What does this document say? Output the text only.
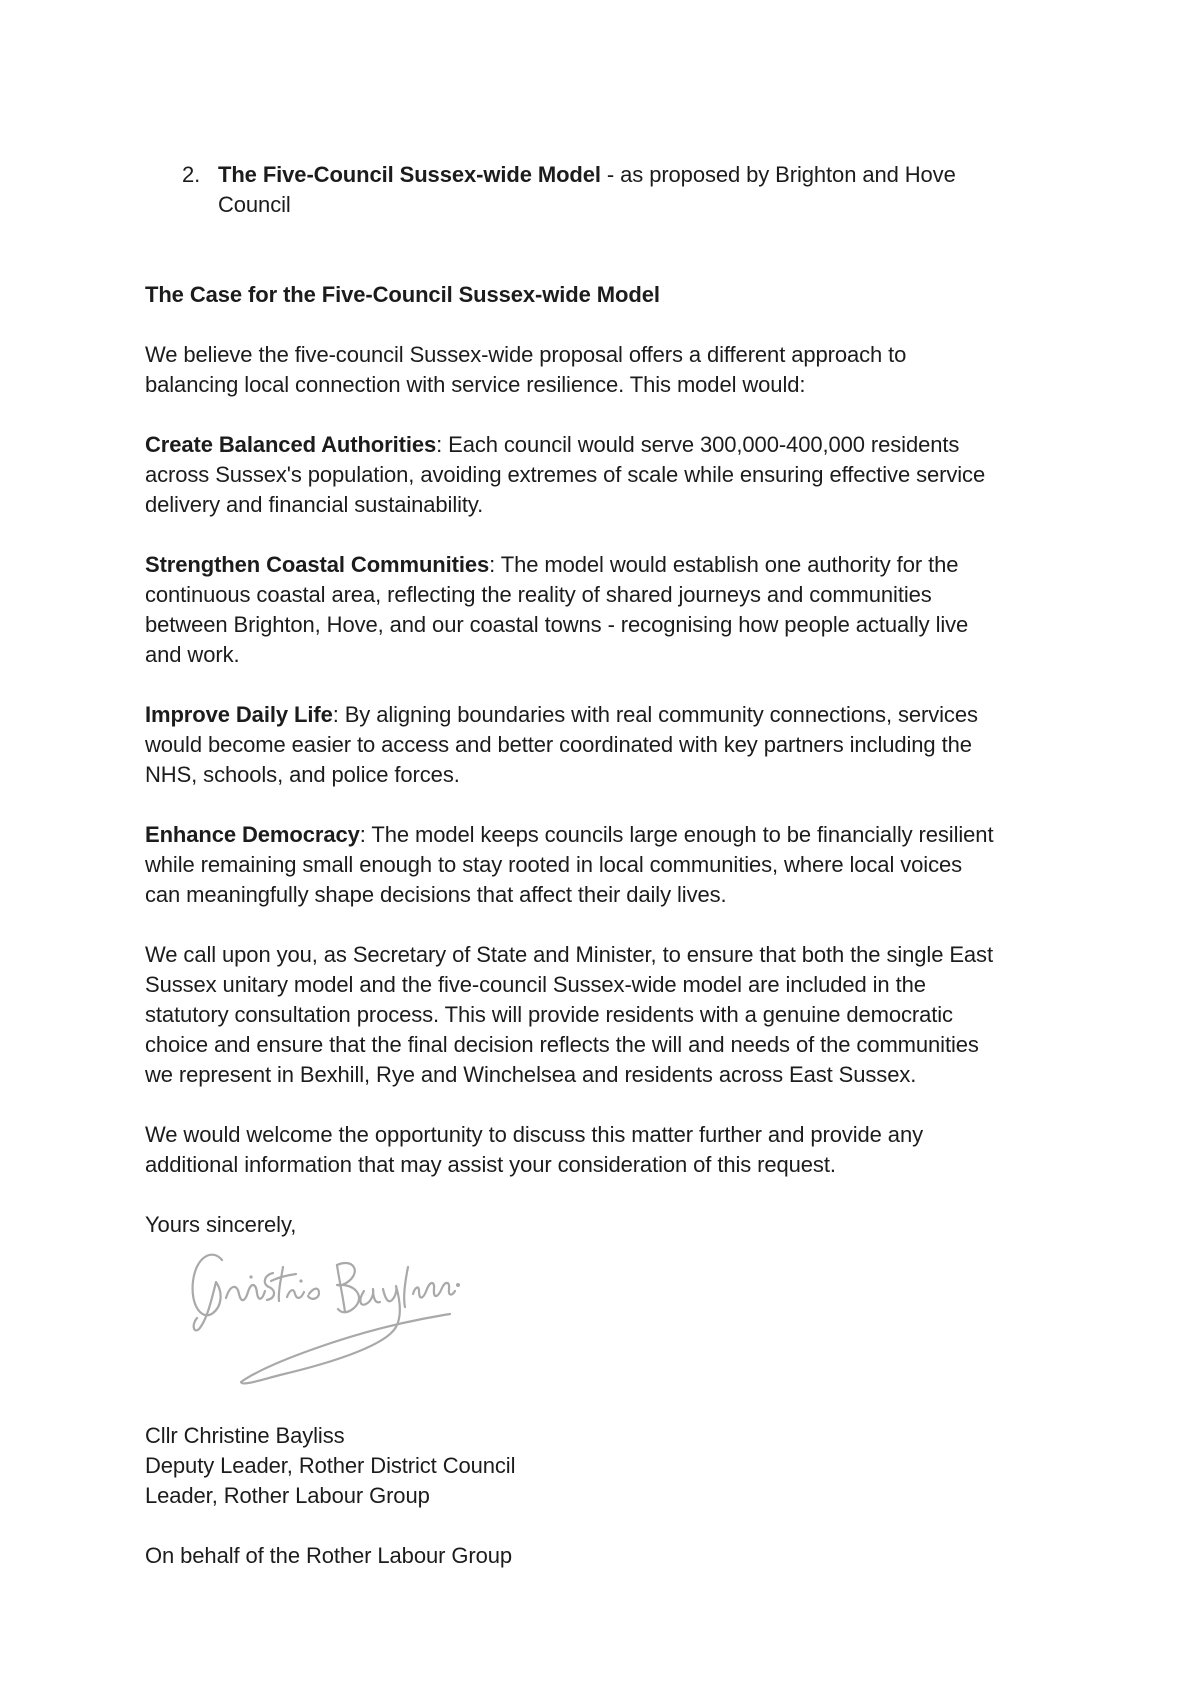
2. The Five-Council Sussex-wide Model - as proposed by Brighton and Hove
Council
The Case for the Five-Council Sussex-wide Model
We believe the five-council Sussex-wide proposal offers a different approach to
balancing local connection with service resilience. This model would:
Create Balanced Authorities: Each council would serve 300,000-400,000 residents
across Sussex's population, avoiding extremes of scale while ensuring effective service
delivery and financial sustainability.
Strengthen Coastal Communities: The model would establish one authority for the
continuous coastal area, reflecting the reality of shared journeys and communities
between Brighton, Hove, and our coastal towns - recognising how people actually live
and work.
Improve Daily Life: By aligning boundaries with real community connections, services
would become easier to access and better coordinated with key partners including the
NHS, schools, and police forces.
Enhance Democracy: The model keeps councils large enough to be financially resilient
while remaining small enough to stay rooted in local communities, where local voices
can meaningfully shape decisions that affect their daily lives.
We call upon you, as Secretary of State and Minister, to ensure that both the single East
Sussex unitary model and the five-council Sussex-wide model are included in the
statutory consultation process. This will provide residents with a genuine democratic
choice and ensure that the final decision reflects the will and needs of the communities
we represent in Bexhill, Rye and Winchelsea and residents across East Sussex.
We would welcome the opportunity to discuss this matter further and provide any
additional information that may assist your consideration of this request.
Yours sincerely,
Cllr Christine Bayliss
Deputy Leader, Rother District Council
Leader, Rother Labour Group
On behalf of the Rother Labour Group
